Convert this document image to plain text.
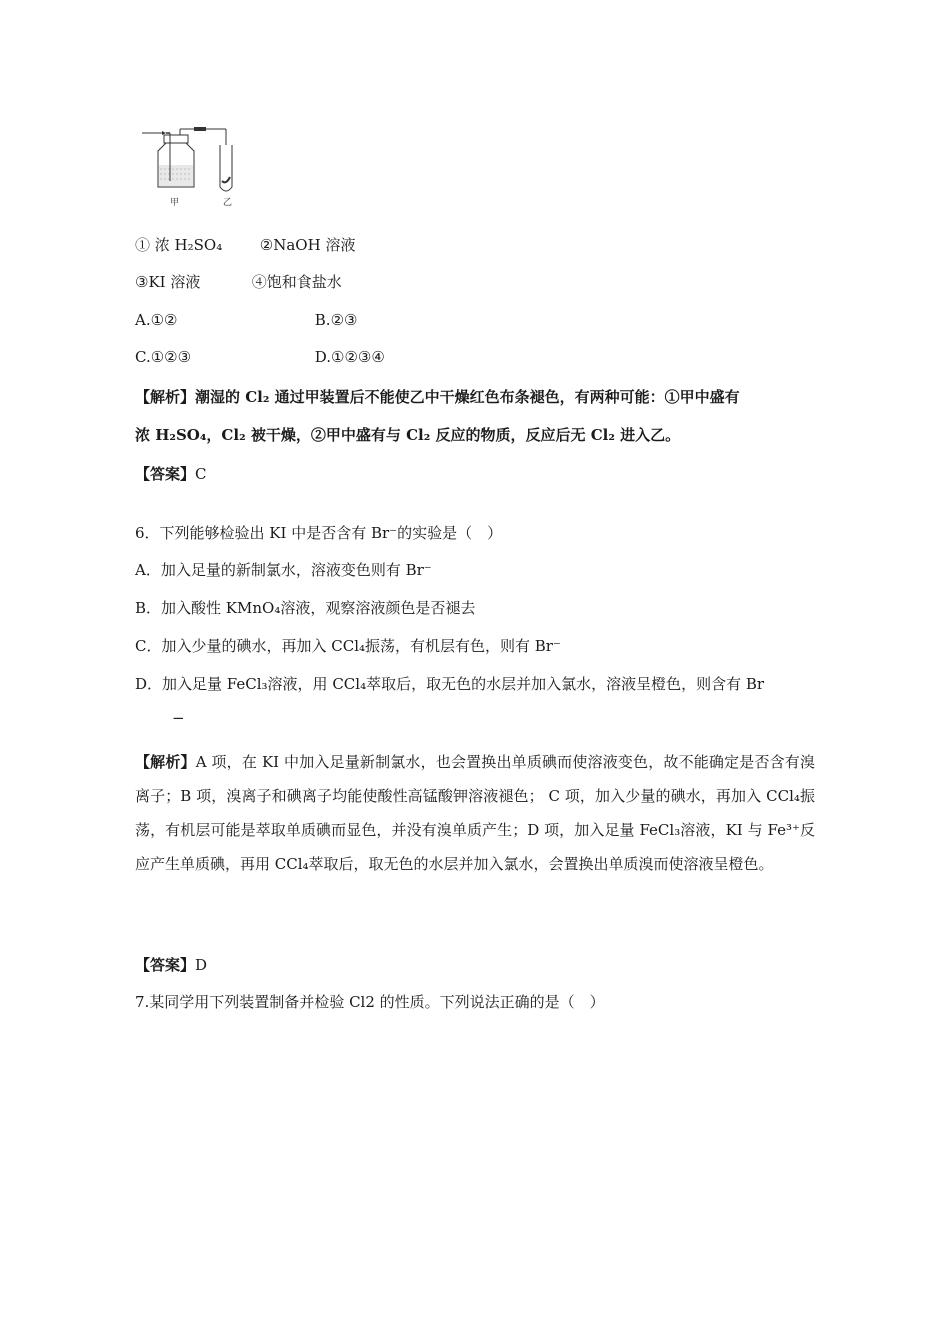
甲	乙
① 浓 H₂SO₄	②NaOH 溶液
③KI 溶液	④饱和食盐水
A.①②	B.②③
C.①②③	D.①②③④
【解析】潮湿的 Cl₂ 通过甲装置后不能使乙中干燥红色布条褪色，有两种可能：①甲中盛有
浓 H₂SO₄，Cl₂ 被干燥，②甲中盛有与 Cl₂ 反应的物质，反应后无 Cl₂ 进入乙。
【答案】C
6．下列能够检验出 KI 中是否含有 Br⁻的实验是（　）
A．加入足量的新制氯水，溶液变色则有 Br⁻
B．加入酸性 KMnO₄溶液，观察溶液颜色是否褪去
C．加入少量的碘水，再加入 CCl₄振荡，有机层有色，则有 Br⁻
D．加入足量 FeCl₃溶液，用 CCl₄萃取后，取无色的水层并加入氯水，溶液呈橙色，则含有 Br
−
【解析】A 项，在 KI 中加入足量新制氯水，也会置换出单质碘而使溶液变色，故不能确定是否含有溴离子；B 项，溴离子和碘离子均能使酸性高锰酸钾溶液褪色； C 项，加入少量的碘水，再加入 CCl₄振荡，有机层可能是萃取单质碘而显色，并没有溴单质产生；D 项，加入足量 FeCl₃溶液，KI 与 Fe³⁺反应产生单质碘，再用 CCl₄萃取后，取无色的水层并加入氯水，会置换出单质溴而使溶液呈橙色。
【答案】D
7.某同学用下列装置制备并检验 Cl2 的性质。下列说法正确的是（　）
